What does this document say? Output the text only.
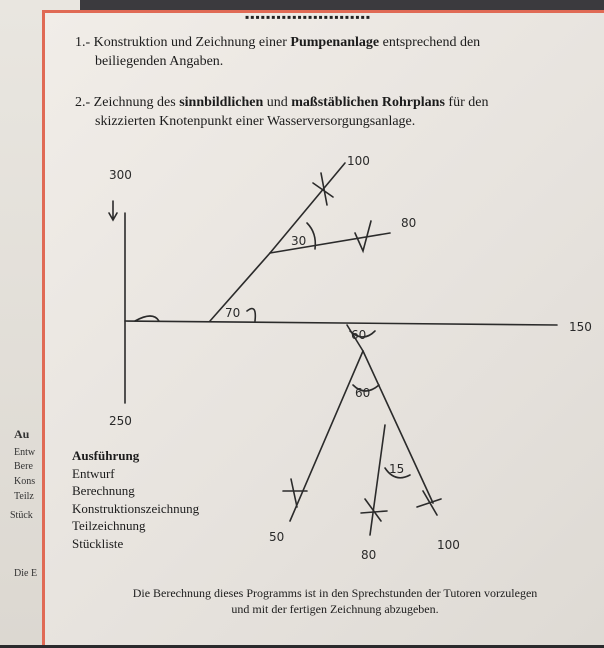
Au
Entw
Bere
Kons
Teilz
Stück
Die E
▪▪▪▪▪▪▪▪▪▪▪▪▪▪▪▪▪▪▪▪▪▪▪▪
1.- Konstruktion und Zeichnung einer Pumpenanlage entsprechend den
beiliegenden Angaben.
2.- Zeichnung des sinnbildlichen und maßstäblichen Rohrplans für den
skizzierten Knotenpunkt einer Wasserversorgungsanlage.
300
250
150
100
80
30
70
60
60
15
50
80
100
Ausführung
Entwurf
Berechnung
Konstruktionszeichnung
Teilzeichnung
Stückliste
Die Berechnung dieses Programms ist in den Sprechstunden der Tutoren vorzulegen
und mit der fertigen Zeichnung abzugeben.
